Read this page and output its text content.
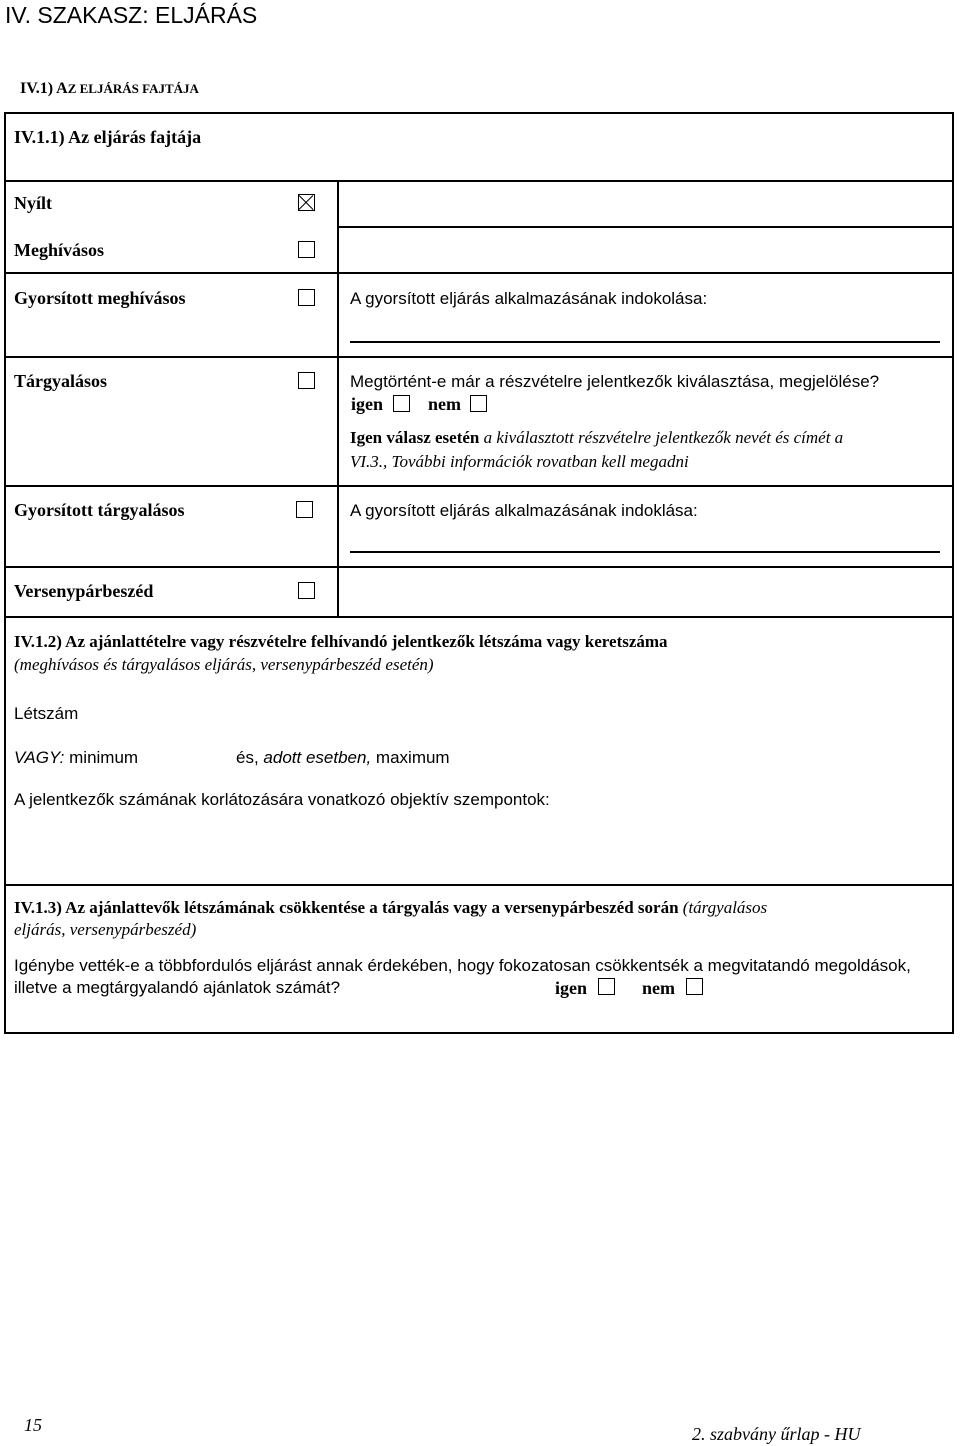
IV. SZAKASZ: ELJÁRÁS
IV.1) AZ ELJÁRÁS FAJTÁJA
IV.1.1) Az eljárás fajtája
Nyílt
Meghívásos
Gyorsított meghívásos	A gyorsított eljárás alkalmazásának indokolása:
Tárgyalásos	Megtörtént-e már a részvételre jelentkezők kiválasztása, megjelölése?
igen nem
Igen válasz esetén a kiválasztott részvételre jelentkezők nevét és címét a
VI.3., További információk rovatban kell megadni
Gyorsított tárgyalásos	A gyorsított eljárás alkalmazásának indoklása:
Versenypárbeszéd
IV.1.2) Az ajánlattételre vagy részvételre felhívandó jelentkezők létszáma vagy keretszáma
(meghívásos és tárgyalásos eljárás, versenypárbeszéd esetén)
Létszám
VAGY: minimum	és, adott esetben, maximum
A jelentkezők számának korlátozására vonatkozó objektív szempontok:
IV.1.3) Az ajánlattevők létszámának csökkentése a tárgyalás vagy a versenypárbeszéd során (tárgyalásos
eljárás, versenypárbeszéd)
Igénybe vették-e a többfordulós eljárást annak érdekében, hogy fokozatosan csökkentsék a megvitatandó megoldások,
illetve a megtárgyalandó ajánlatok számát?	igen	nem
15	2. szabvány űrlap - HU
